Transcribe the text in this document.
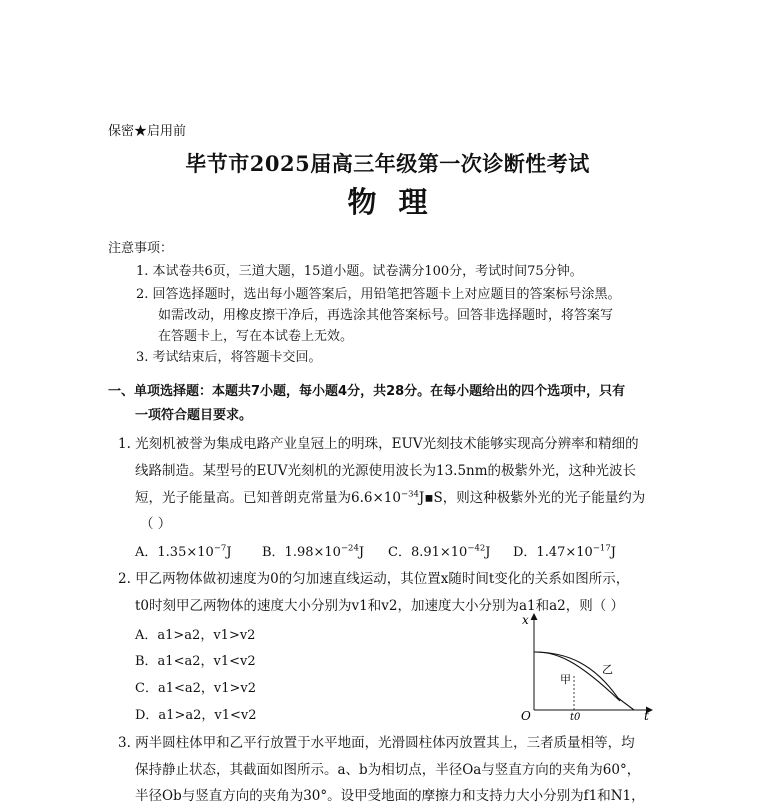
保密★启用前
毕节市2025届高三年级第一次诊断性考试
物理
注意事项：
1. 本试卷共6页，三道大题，15道小题。试卷满分100分，考试时间75分钟。
2. 回答选择题时，选出每小题答案后，用铅笔把答题卡上对应题目的答案标号涂黑。
如需改动，用橡皮擦干净后，再选涂其他答案标号。回答非选择题时，将答案写
在答题卡上，写在本试卷上无效。
3. 考试结束后，将答题卡交回。
一、单项选择题：本题共7小题，每小题4分，共28分。在每小题给出的四个选项中，只有
一项符合题目要求。
1. 光刻机被誉为集成电路产业皇冠上的明珠，EUV光刻技术能够实现高分辨率和精细的
线路制造。某型号的EUV光刻机的光源使用波长为13.5nm的极紫外光，这种光波长
短，光子能量高。已知普朗克常量为$6.6\times 10^{-34}J▪S$，则这种极紫外光的光子能量约为
（ ）
A．$1.35\times 10^{-7}J$ B．$1.98\times 10^{-24}J$ C．$8.91\times 10^{-42}J$ D．$1.47\times 10^{-17}J$
2. 甲乙两物体做初速度为0的匀加速直线运动，其位置x随时间t变化的关系如图所示，
t0时刻甲乙两物体的速度大小分别为v1和v2，加速度大小分别为a1和a2，则（ ）
A．a1>a2，v1>v2
B．a1<a2，v1<v2
C．a1<a2，v1>v2
D．a1>a2，v1<v2
x
t
O	t0
甲
乙
3. 两半圆柱体甲和乙平行放置于水平地面，光滑圆柱体丙放置其上，三者质量相等，均
保持静止状态，其截面如图所示。a、b为相切点，半径Oa与竖直方向的夹角为60°，
半径Ob与竖直方向的夹角为30°。设甲受地面的摩擦力和支持力大小分别为f1和N1，
